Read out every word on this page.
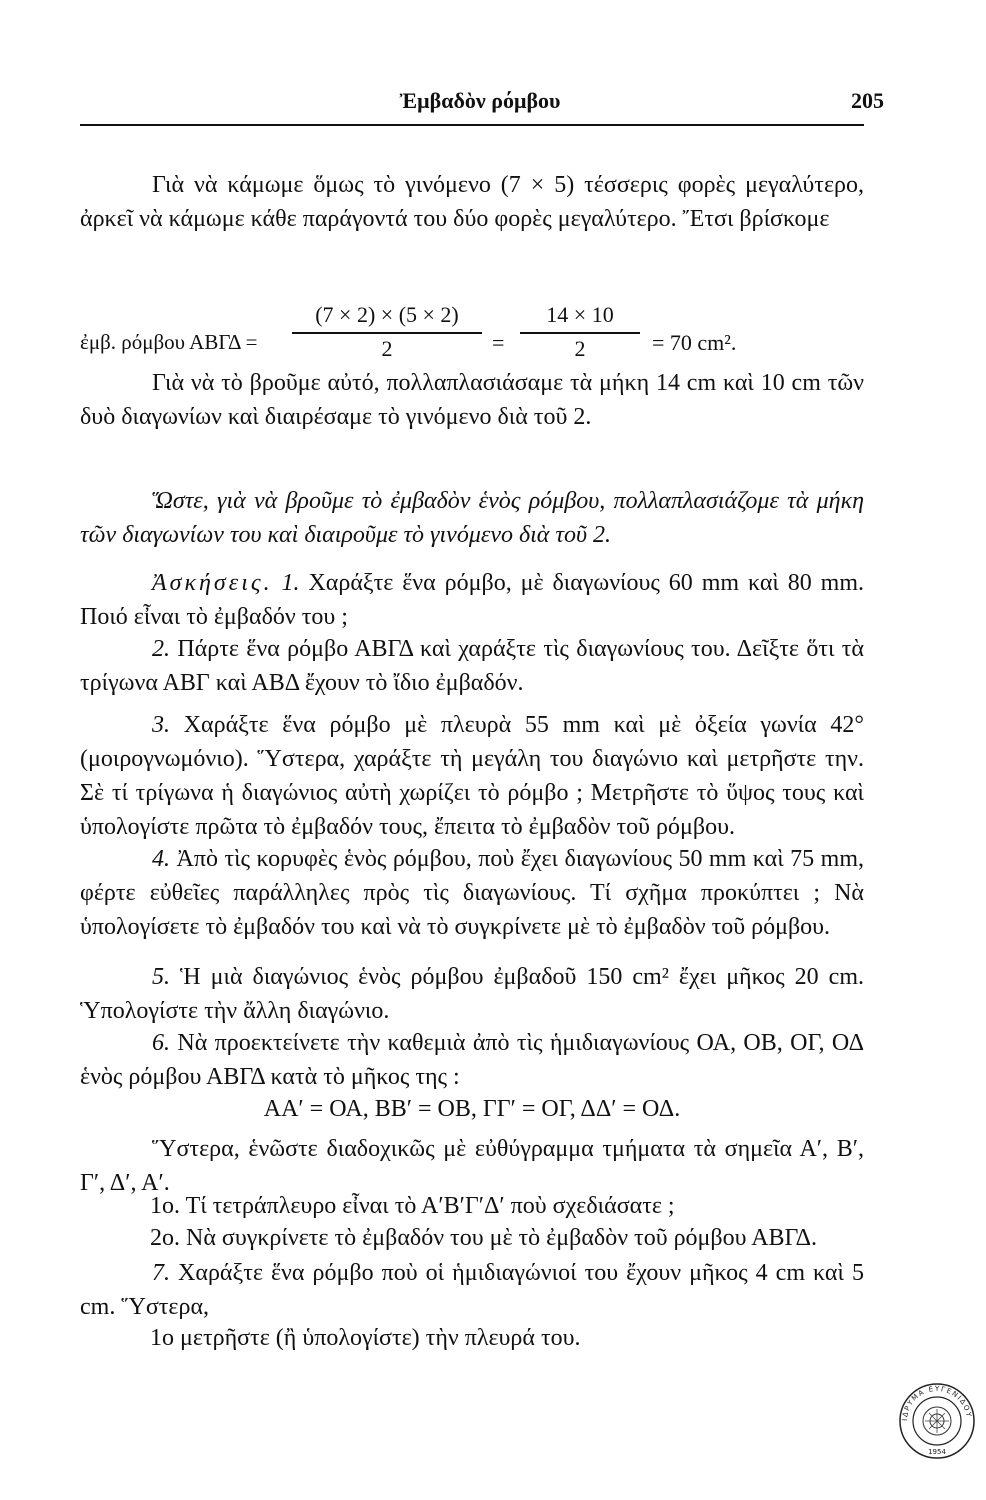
Ἐμβαδὸν ρόμβου	205
Γιὰ νὰ κάμωμε ὅμως τὸ γινόμενο (7 × 5) τέσσερις φορὲς μεγαλύτερο, ἀρκεῖ νὰ κάμωμε κάθε παράγοντά του δύο φορὲς μεγαλύτερο. Ἔτσι βρίσκομε
ἐμβ. ρόμβου $AB\Gamma\Delta = \frac{(7 \times 2) \times (5 \times 2)}{2} = \frac{14 \times 10}{2} = 70$ cm².
Γιὰ νὰ τὸ βροῦμε αὐτό, πολλαπλασιάσαμε τὰ μήκη 14 cm καὶ 10 cm τῶν δυὸ διαγωνίων καὶ διαιρέσαμε τὸ γινόμενο διὰ τοῦ 2.
Ὥστε, γιὰ νὰ βροῦμε τὸ ἐμβαδὸν ἑνὸς ρόμβου, πολλαπλασιάζομε τὰ μήκη τῶν διαγωνίων του καὶ διαιροῦμε τὸ γινόμενο διὰ τοῦ 2.
Ἀσκήσεις. 1. Χαράξτε ἕνα ρόμβο, μὲ διαγωνίους 60 mm καὶ 80 mm. Ποιό εἶναι τὸ ἐμβαδόν του ;
2. Πάρτε ἕνα ρόμβο ΑΒΓΔ καὶ χαράξτε τὶς διαγωνίους του. Δεῖξτε ὅτι τὰ τρίγωνα ΑΒΓ καὶ ΑΒΔ ἔχουν τὸ ἴδιο ἐμβαδόν.
3. Χαράξτε ἕνα ρόμβο μὲ πλευρὰ 55 mm καὶ μὲ ὀξεία γωνία 42° (μοιρογνωμόνιο). Ὕστερα, χαράξτε τὴ μεγάλη του διαγώνιο καὶ μετρῆστε την. Σὲ τί τρίγωνα ἡ διαγώνιος αὐτὴ χωρίζει τὸ ρόμβο ; Μετρῆστε τὸ ὕψος τους καὶ ὑπολογίστε πρῶτα τὸ ἐμβαδόν τους, ἔπειτα τὸ ἐμβαδὸν τοῦ ρόμβου.
4. Ἀπὸ τὶς κορυφὲς ἑνὸς ρόμβου, ποὺ ἔχει διαγωνίους 50 mm καὶ 75 mm, φέρτε εὐθεῖες παράλληλες πρὸς τὶς διαγωνίους. Τί σχῆμα προκύπτει ; Νὰ ὑπολογίσετε τὸ ἐμβαδόν του καὶ νὰ τὸ συγκρίνετε μὲ τὸ ἐμβαδὸν τοῦ ρόμβου.
5. Ἡ μιὰ διαγώνιος ἑνὸς ρόμβου ἐμβαδοῦ 150 cm² ἔχει μῆκος 20 cm. Ὑπολογίστε τὴν ἄλλη διαγώνιο.
6. Νὰ προεκτείνετε τὴν καθεμιὰ ἀπὸ τὶς ἡμιδιαγωνίους ΟΑ, ΟΒ, ΟΓ, ΟΔ ἑνὸς ρόμβου ΑΒΓΔ κατὰ τὸ μῆκος της :
ΑΑ′ = ΟΑ, ΒΒ′ = ΟΒ, ΓΓ′ = ΟΓ, ΔΔ′ = ΟΔ.
Ὕστερα, ἑνῶστε διαδοχικῶς μὲ εὐθύγραμμα τμήματα τὰ σημεῖα Α′, Β′, Γ′, Δ′, Α′.
1ο. Τί τετράπλευρο εἶναι τὸ Α′Β′Γ′Δ′ ποὺ σχεδιάσατε ;
2ο. Νὰ συγκρίνετε τὸ ἐμβαδόν του μὲ τὸ ἐμβαδὸν τοῦ ρόμβου ΑΒΓΔ.
7. Χαράξτε ἕνα ρόμβο ποὺ οἱ ἡμιδιαγώνιοί του ἔχουν μῆκος 4 cm καὶ 5 cm. Ὕστερα,
1ο μετρῆστε (ἢ ὑπολογίστε) τὴν πλευρά του.
ΙΔΡΥΜΑ ΕΥΓΕΝΙΔΟΥ
1954
